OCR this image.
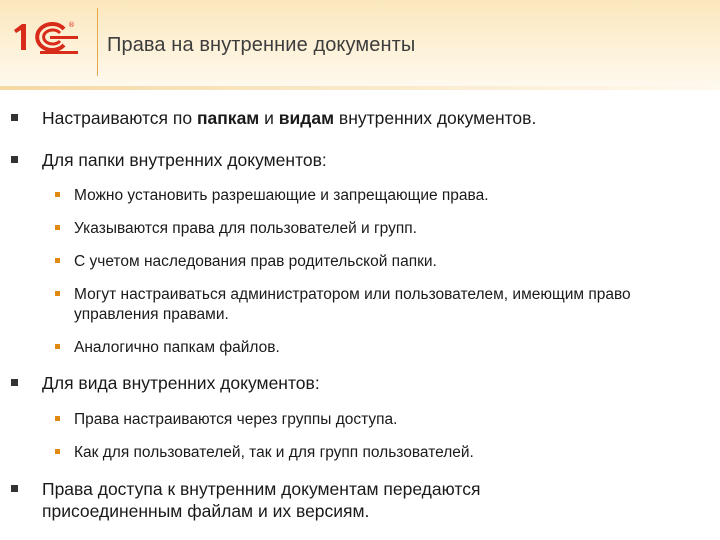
®
Права на внутренние документы
Настраиваются по папкам и видам внутренних документов.
Для папки внутренних документов:
Можно установить разрешающие и запрещающие права.
Указываются права для пользователей и групп.
С учетом наследования прав родительской папки.
Могут настраиваться администратором или пользователем, имеющим право управления правами.
Аналогично папкам файлов.
Для вида внутренних документов:
Права настраиваются через группы доступа.
Как для пользователей, так и для групп пользователей.
Права доступа к внутренним документам передаются присоединенным файлам и их версиям.
